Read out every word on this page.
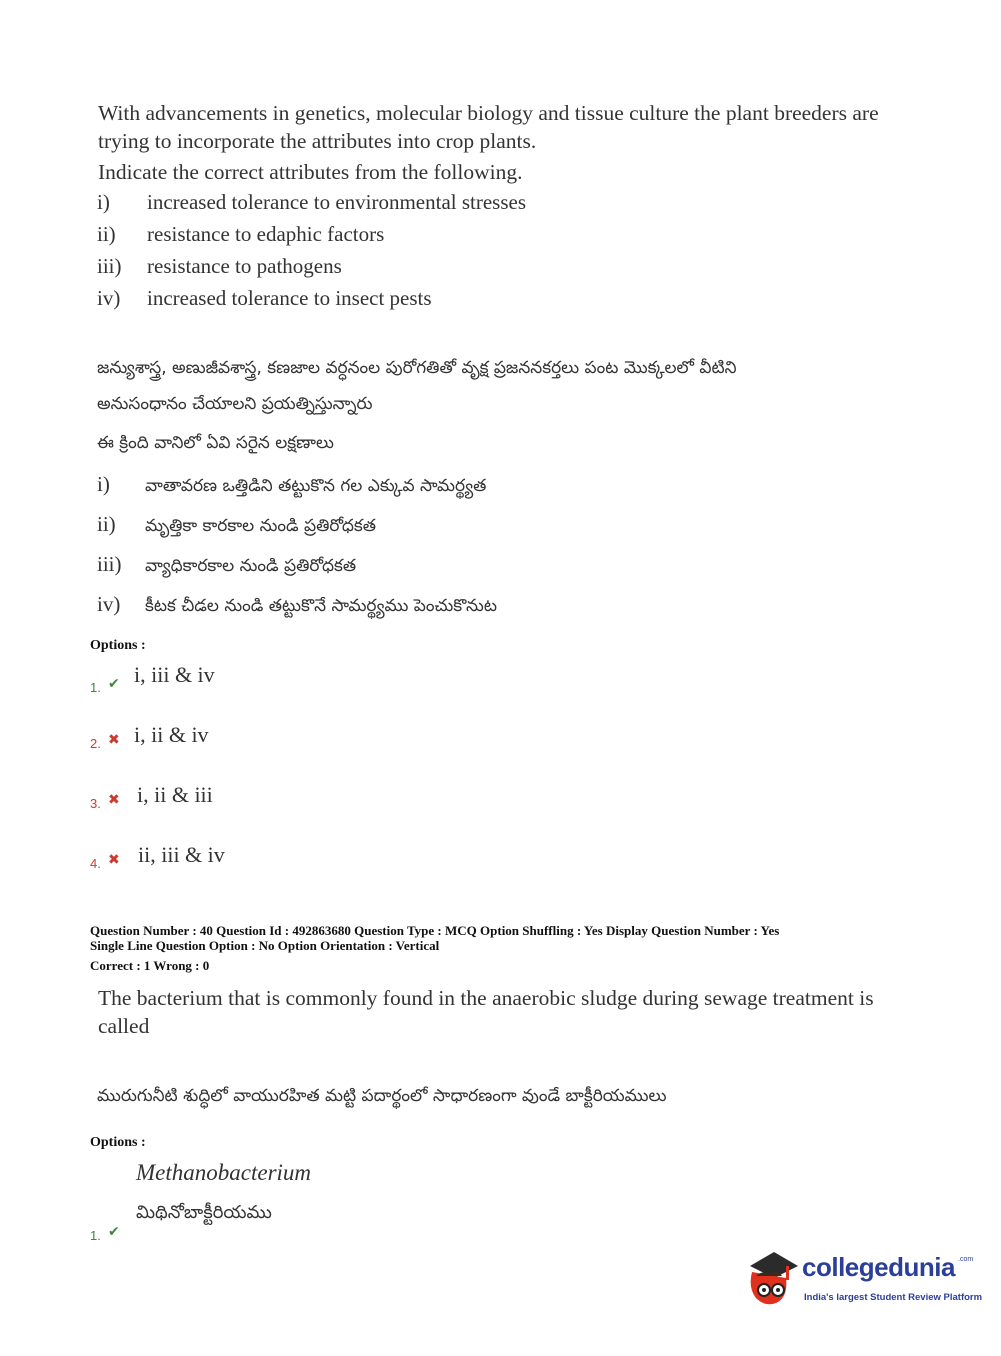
With advancements in genetics, molecular biology and tissue culture the plant breeders are
trying to incorporate the attributes into crop plants.
Indicate the correct attributes from the following.
i) increased tolerance to environmental stresses
ii) resistance to edaphic factors
iii) resistance to pathogens
iv) increased tolerance to insect pests
జన్యుశాస్త్ర, అణుజీవశాస్త్ర, కణజాల వర్ధనంల పురోగతితో వృక్ష ప్రజననకర్తలు పంట మొక్కలలో వీటిని
అనుసంధానం చేయాలని ప్రయత్నిస్తున్నారు
ఈ క్రింది వానిలో ఏవి సరైన లక్షణాలు
i) వాతావరణ ఒత్తిడిని తట్టుకొన గల ఎక్కువ సామర్థ్యత
ii) మృత్తికా కారకాల నుండి ప్రతిరోధకత
iii) వ్యాధికారకాల నుండి ప్రతిరోధకత
iv) కీటక చీడల నుండి తట్టుకొనే సామర్థ్యము పెంచుకొనుట
Options :
1. ✔ i, iii & iv
2. ✖ i, ii & iv
3. ✖ i, ii & iii
4. ✖ ii, iii & iv
Question Number : 40 Question Id : 492863680 Question Type : MCQ Option Shuffling : Yes Display Question Number : Yes
Single Line Question Option : No Option Orientation : Vertical
Correct : 1 Wrong : 0
The bacterium that is commonly found in the anaerobic sludge during sewage treatment is
called
మురుగునీటి శుద్ధిలో వాయురహిత మట్టి పదార్థంలో సాధారణంగా వుండే బాక్టీరియములు
Options :
Methanobacterium
మిథినోబాక్టీరియము
1. ✔
collegedunia .com
India's largest Student Review Platform
